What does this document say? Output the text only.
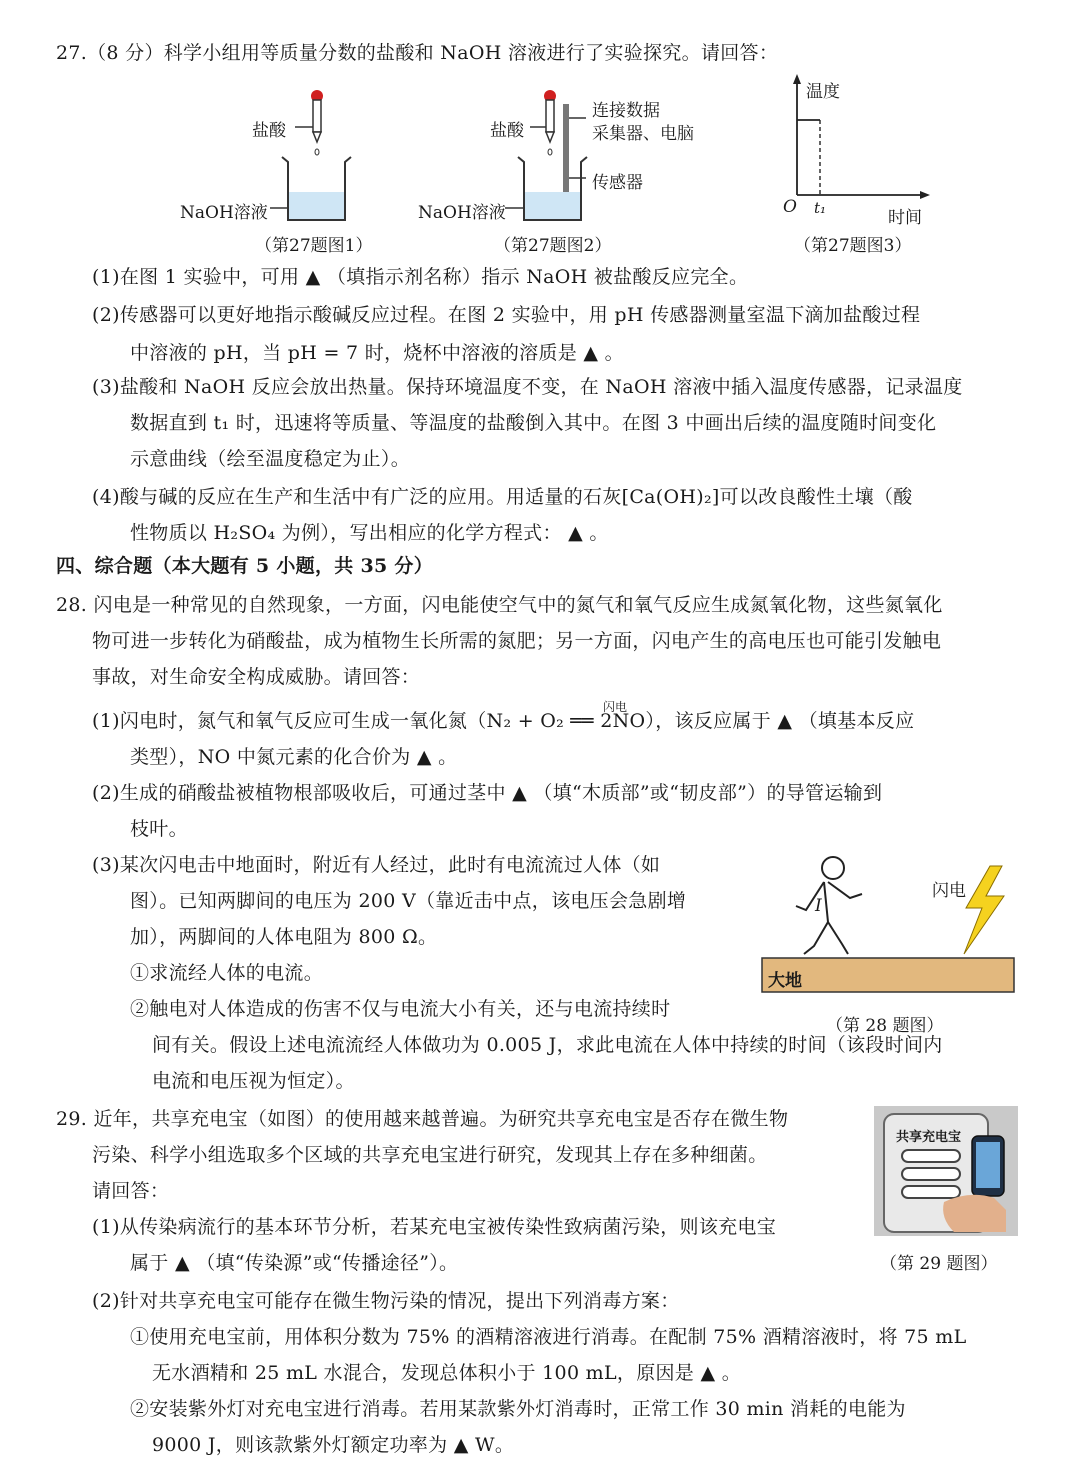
27.（8 分）科学小组用等质量分数的盐酸和 NaOH 溶液进行了实验探究。请回答：
盐酸
NaOH溶液
（第27题图1）
盐酸
连接数据
采集器、电脑
传感器
NaOH溶液
（第27题图2）
温度
O t₁	时间
（第27题图3）
(1)在图 1 实验中，可用 ▲ （填指示剂名称）指示 NaOH 被盐酸反应完全。
(2)传感器可以更好地指示酸碱反应过程。在图 2 实验中，用 pH 传感器测量室温下滴加盐酸过程
中溶液的 pH，当 pH = 7 时，烧杯中溶液的溶质是 ▲ 。
(3)盐酸和 NaOH 反应会放出热量。保持环境温度不变，在 NaOH 溶液中插入温度传感器，记录温度
数据直到 t₁ 时，迅速将等质量、等温度的盐酸倒入其中。在图 3 中画出后续的温度随时间变化
示意曲线（绘至温度稳定为止）。
(4)酸与碱的反应在生产和生活中有广泛的应用。用适量的石灰[Ca(OH)₂]可以改良酸性土壤（酸
性物质以 H₂SO₄ 为例），写出相应的化学方程式： ▲ 。
四、综合题（本大题有 5 小题，共 35 分）
28. 闪电是一种常见的自然现象，一方面，闪电能使空气中的氮气和氧气反应生成氮氧化物，这些氮氧化
物可进一步转化为硝酸盐，成为植物生长所需的氮肥；另一方面，闪电产生的高电压也可能引发触电
事故，对生命安全构成威胁。请回答：
闪电
(1)闪电时，氮气和氧气反应可生成一氧化氮（N₂ + O₂ ══ 2NO），该反应属于 ▲ （填基本反应
类型），NO 中氮元素的化合价为 ▲ 。
(2)生成的硝酸盐被植物根部吸收后，可通过茎中 ▲ （填“木质部”或“韧皮部”）的导管运输到
枝叶。
(3)某次闪电击中地面时，附近有人经过，此时有电流流过人体（如
图）。已知两脚间的电压为 200 V（靠近击中点，该电压会急剧增
加），两脚间的人体电阻为 800 Ω。
①求流经人体的电流。
②触电对人体造成的伤害不仅与电流大小有关，还与电流持续时
间有关。假设上述电流流经人体做功为 0.005 J，求此电流在人体中持续的时间（该段时间内
电流和电压视为恒定）。
I
闪电
大地
（第 28 题图）
29. 近年，共享充电宝（如图）的使用越来越普遍。为研究共享充电宝是否存在微生物
污染、科学小组选取多个区域的共享充电宝进行研究，发现其上存在多种细菌。
请回答：
(1)从传染病流行的基本环节分析，若某充电宝被传染性致病菌污染，则该充电宝
属于 ▲ （填“传染源”或“传播途径”）。
(2)针对共享充电宝可能存在微生物污染的情况，提出下列消毒方案：
①使用充电宝前，用体积分数为 75% 的酒精溶液进行消毒。在配制 75% 酒精溶液时，将 75 mL
无水酒精和 25 mL 水混合，发现总体积小于 100 mL，原因是 ▲ 。
②安装紫外灯对充电宝进行消毒。若用某款紫外灯消毒时，正常工作 30 min 消耗的电能为
9000 J，则该款紫外灯额定功率为 ▲ W。
共享充电宝
（第 29 题图）
